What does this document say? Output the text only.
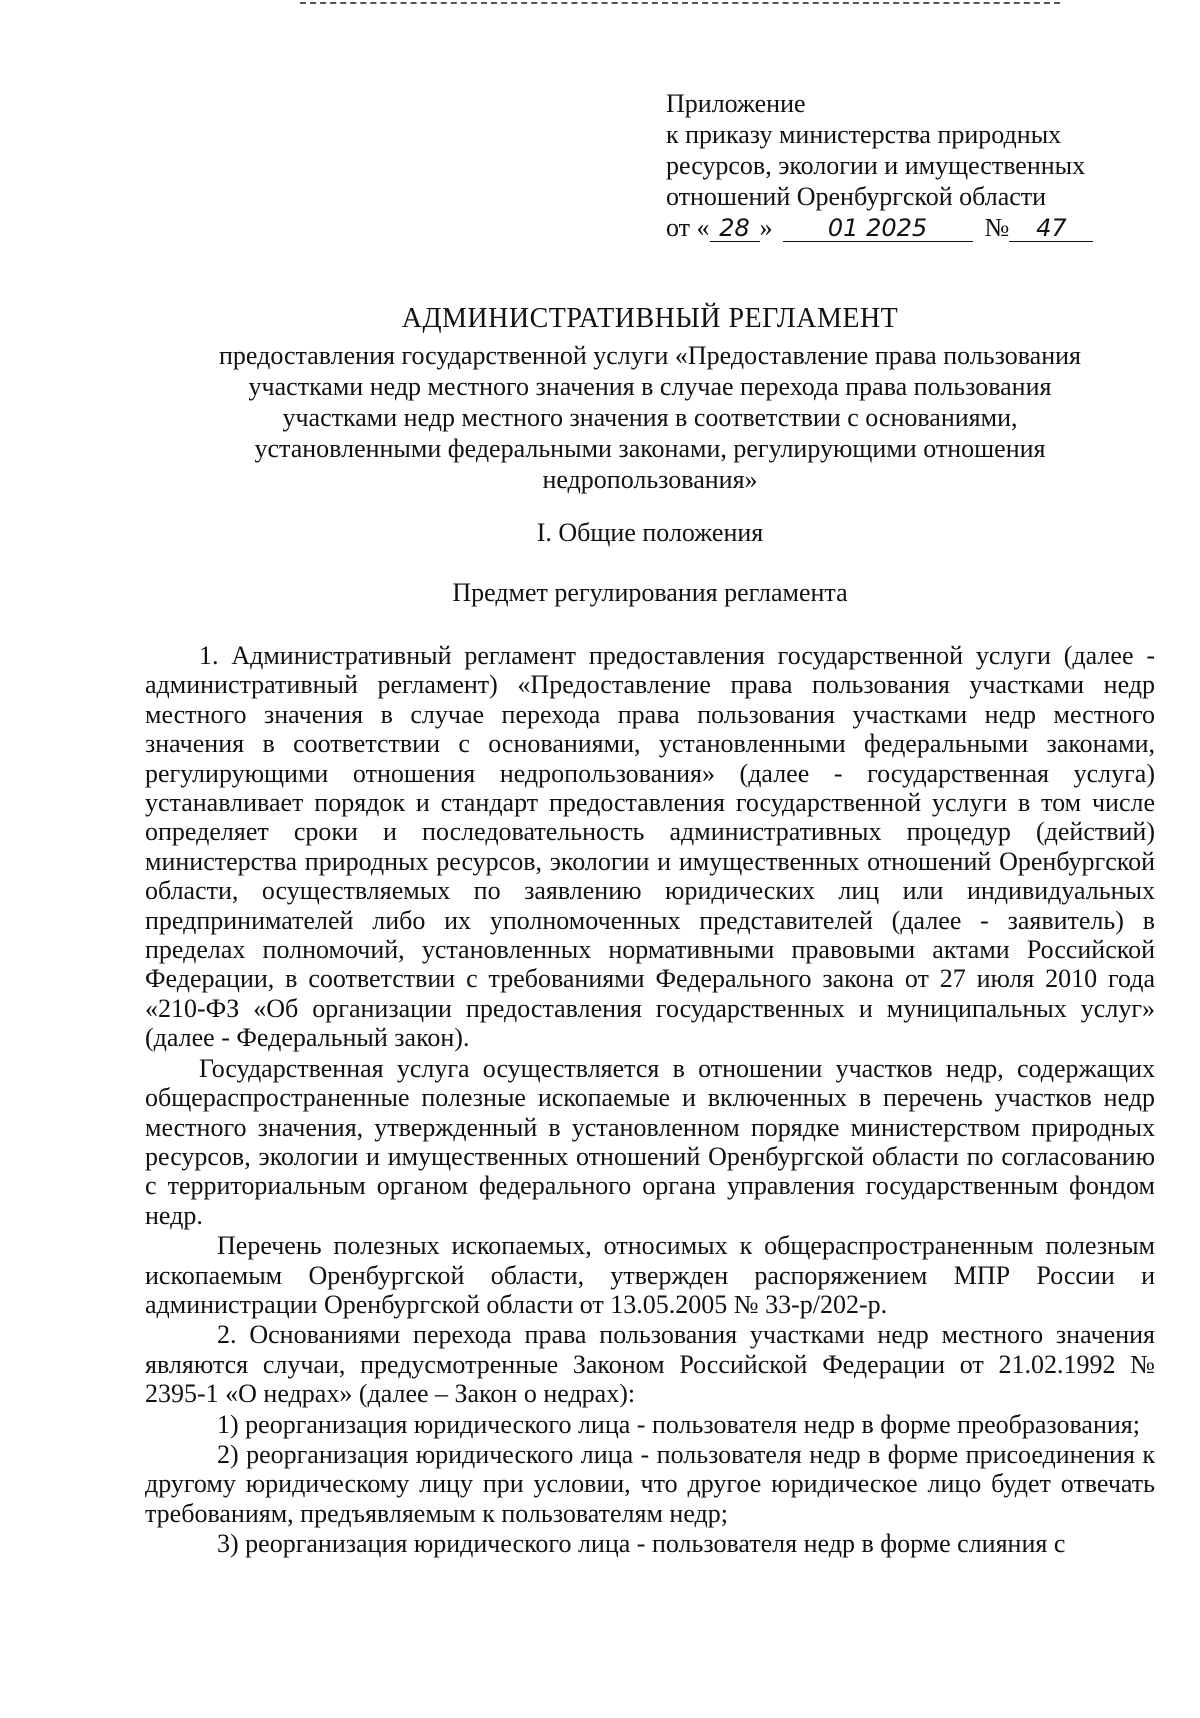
Приложение
к приказу министерства природных
ресурсов, экологии и имущественных
отношений Оренбургской области
от « 28 » 01 2025 № 47
АДМИНИСТРАТИВНЫЙ РЕГЛАМЕНТ
предоставления государственной услуги «Предоставление права пользования
участками недр местного значения в случае перехода права пользования
участками недр местного значения в соответствии с основаниями,
установленными федеральными законами, регулирующими отношения
недропользования»
I. Общие положения
Предмет регулирования регламента

1. Административный регламент предоставления государственной услуги (далее - административный регламент) «Предоставление права пользования участками недр местного значения в случае перехода права пользования участками недр местного значения в соответствии с основаниями, установленными федеральными законами, регулирующими отношения недропользования» (далее - государственная услуга) устанавливает порядок и стандарт предоставления государственной услуги в том числе определяет сроки и последовательность административных процедур (действий) министерства природных ресурсов, экологии и имущественных отношений Оренбургской области, осуществляемых по заявлению юридических лиц или индивидуальных предпринимателей либо их уполномоченных представителей (далее - заявитель) в пределах полномочий, установленных нормативными правовыми актами Российской Федерации, в соответствии с требованиями Федерального закона от 27 июля 2010 года «210-ФЗ «Об организации предоставления государственных и муниципальных услуг» (далее - Федеральный закон).

Государственная услуга осуществляется в отношении участков недр, содержащих общераспространенные полезные ископаемые и включенных в перечень участков недр местного значения, утвержденный в установленном порядке министерством природных ресурсов, экологии и имущественных отношений Оренбургской области по согласованию с территориальным органом федерального органа управления государственным фондом недр.

Перечень полезных ископаемых, относимых к общераспространенным полезным ископаемым Оренбургской области, утвержден распоряжением МПР России и администрации Оренбургской области от 13.05.2005 № 33-р/202-р.

2. Основаниями перехода права пользования участками недр местного значения являются случаи, предусмотренные Законом Российской Федерации от 21.02.1992 № 2395-1 «О недрах» (далее – Закон о недрах):

1) реорганизация юридического лица - пользователя недр в форме преобразования;

2) реорганизация юридического лица - пользователя недр в форме присоединения к другому юридическому лицу при условии, что другое юридическое лицо будет отвечать требованиям, предъявляемым к пользователям недр;

3) реорганизация юридического лица - пользователя недр в форме слияния с
